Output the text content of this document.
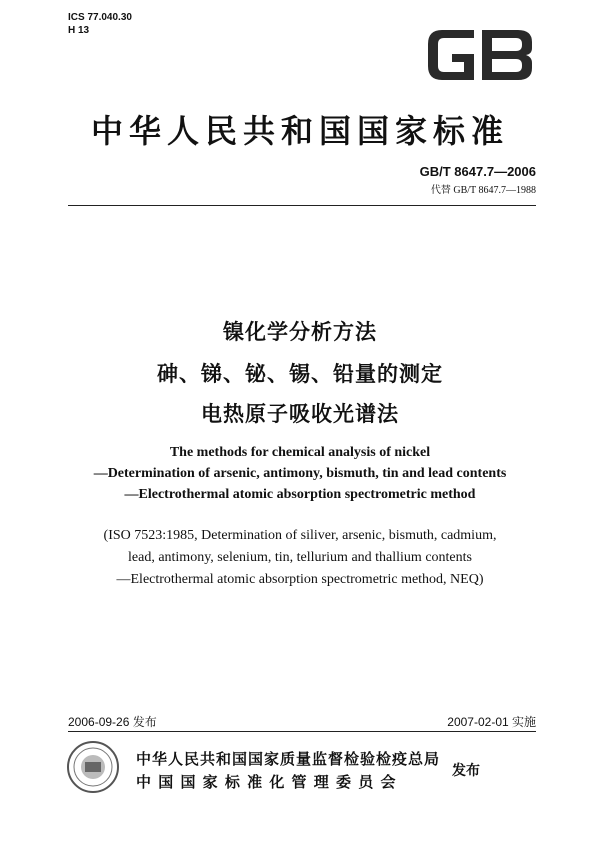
ICS 77.040.30
H 13
中华人民共和国国家标准
GB/T 8647.7—2006
代替 GB/T 8647.7—1988
镍化学分析方法
砷、锑、铋、锡、铅量的测定
电热原子吸收光谱法
The methods for chemical analysis of nickel
—Determination of arsenic, antimony, bismuth, tin and lead contents
—Electrothermal atomic absorption spectrometric method
(ISO 7523:1985, Determination of siliver, arsenic, bismuth, cadmium,
lead, antimony, selenium, tin, tellurium and thallium contents
—Electrothermal atomic absorption spectrometric method, NEQ)
2006-09-26 发布	2007-02-01 实施
中华人民共和国国家质量监督检验检疫总局
中 国 国 家 标 准 化 管 理 委 员 会
发布
